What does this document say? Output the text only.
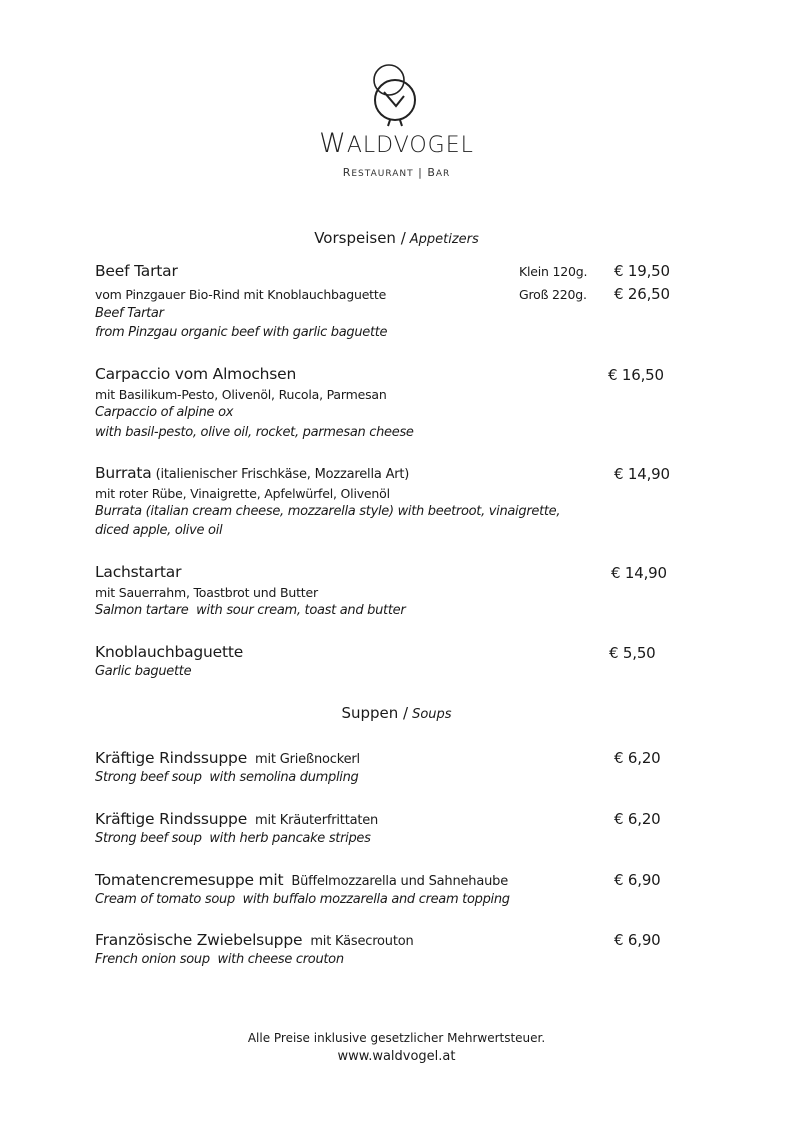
WALDVOGEL
RESTAURANT | BAR
Vorspeisen / Appetizers
Beef Tartar	Klein 120g. € 19,50
vom Pinzgauer Bio-Rind mit Knoblauchbaguette	Groß 220g. € 26,50
Beef Tartar
from Pinzgau organic beef with garlic baguette
Carpaccio vom Almochsen	€ 16,50
mit Basilikum-Pesto, Olivenöl, Rucola, Parmesan
Carpaccio of alpine ox
with basil-pesto, olive oil, rocket, parmesan cheese
Burrata (italienischer Frischkäse, Mozzarella Art)	€ 14,90
mit roter Rübe, Vinaigrette, Apfelwürfel, Olivenöl
Burrata (italian cream cheese, mozzarella style) with beetroot, vinaigrette,
diced apple, olive oil
Lachstartar	€ 14,90
mit Sauerrahm, Toastbrot und Butter
Salmon tartare with sour cream, toast and butter
Knoblauchbaguette	€ 5,50
Garlic baguette
Suppen / Soups
Kräftige Rindssuppe mit Grießnockerl	€ 6,20
Strong beef soup with semolina dumpling
Kräftige Rindssuppe mit Kräuterfrittaten	€ 6,20
Strong beef soup with herb pancake stripes
Tomatencremesuppe mit Büffelmozzarella und Sahnehaube	€ 6,90
Cream of tomato soup with buffalo mozzarella and cream topping
Französische Zwiebelsuppe mit Käsecrouton	€ 6,90
French onion soup with cheese crouton
Alle Preise inklusive gesetzlicher Mehrwertsteuer.
www.waldvogel.at
